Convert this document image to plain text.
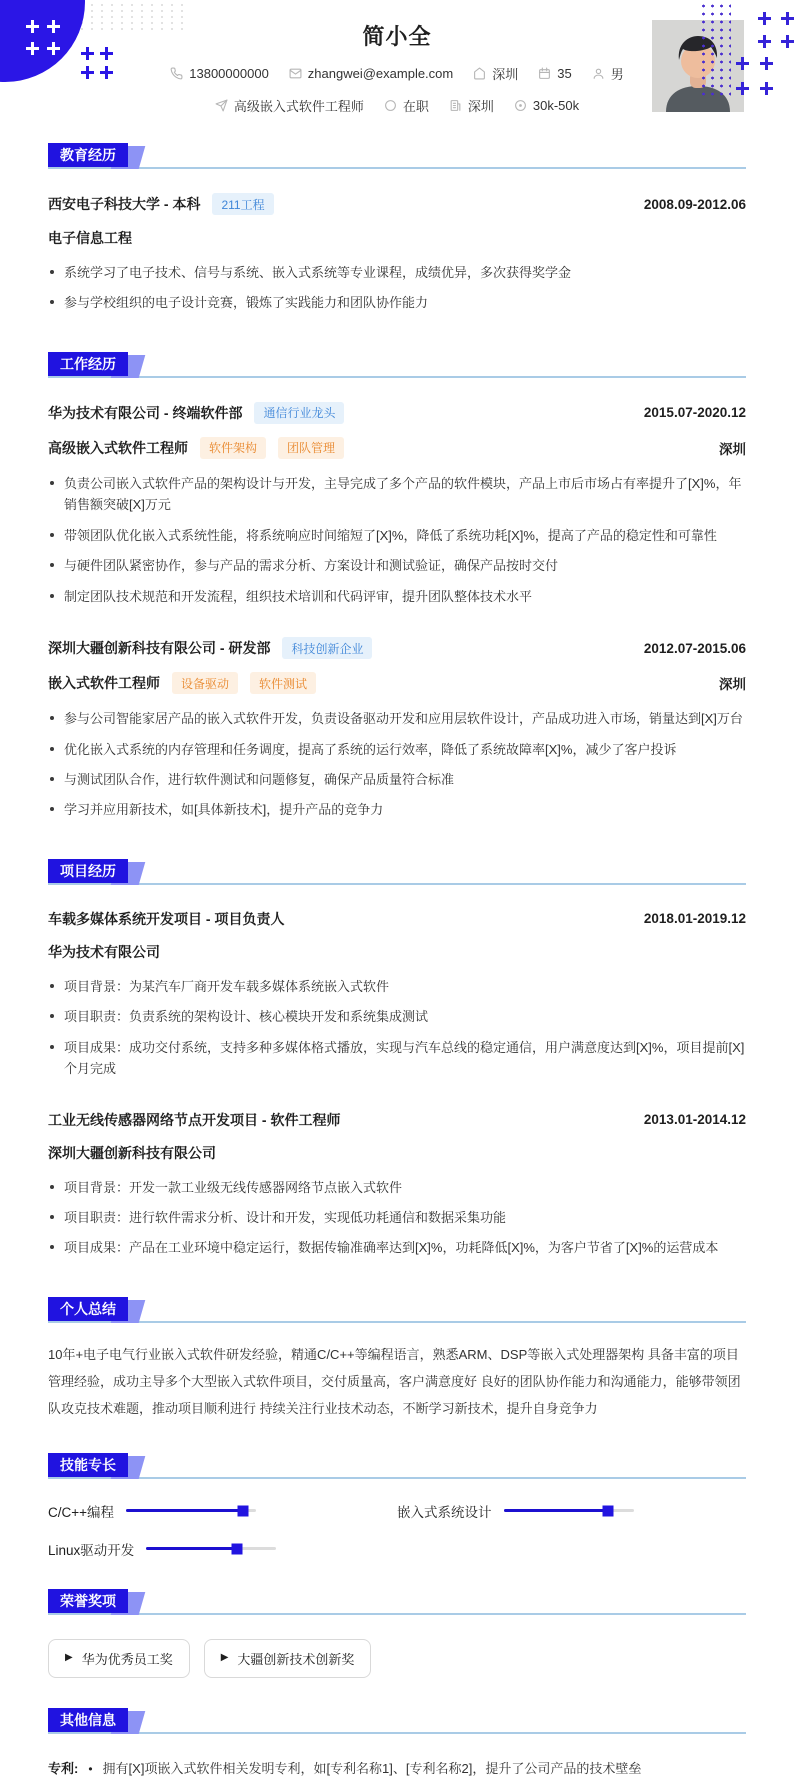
简小全
13800000000	zhangwei@example.com	深圳	35	男
高级嵌入式软件工程师	在职	深圳	30k-50k
教育经历
西安电子科技大学 - 本科	211工程	2008.09-2012.06
电子信息工程
系统学习了电子技术、信号与系统、嵌入式系统等专业课程，成绩优异，多次获得奖学金
参与学校组织的电子设计竞赛，锻炼了实践能力和团队协作能力
工作经历
华为技术有限公司 - 终端软件部	通信行业龙头	2015.07-2020.12
高级嵌入式软件工程师	软件架构	团队管理	深圳
负责公司嵌入式软件产品的架构设计与开发，主导完成了多个产品的软件模块，产品上市后市场占有率提升了[X]%，年销售额突破[X]万元
带领团队优化嵌入式系统性能，将系统响应时间缩短了[X]%，降低了系统功耗[X]%，提高了产品的稳定性和可靠性
与硬件团队紧密协作，参与产品的需求分析、方案设计和测试验证，确保产品按时交付
制定团队技术规范和开发流程，组织技术培训和代码评审，提升团队整体技术水平
深圳大疆创新科技有限公司 - 研发部	科技创新企业	2012.07-2015.06
嵌入式软件工程师	设备驱动	软件测试	深圳
参与公司智能家居产品的嵌入式软件开发，负责设备驱动开发和应用层软件设计，产品成功进入市场，销量达到[X]万台
优化嵌入式系统的内存管理和任务调度，提高了系统的运行效率，降低了系统故障率[X]%，减少了客户投诉
与测试团队合作，进行软件测试和问题修复，确保产品质量符合标准
学习并应用新技术，如[具体新技术]，提升产品的竞争力
项目经历
车载多媒体系统开发项目 - 项目负责人	2018.01-2019.12
华为技术有限公司
项目背景：为某汽车厂商开发车载多媒体系统嵌入式软件
项目职责：负责系统的架构设计、核心模块开发和系统集成测试
项目成果：成功交付系统，支持多种多媒体格式播放，实现与汽车总线的稳定通信，用户满意度达到[X]%，项目提前[X]个月完成
工业无线传感器网络节点开发项目 - 软件工程师	2013.01-2014.12
深圳大疆创新科技有限公司
项目背景：开发一款工业级无线传感器网络节点嵌入式软件
项目职责：进行软件需求分析、设计和开发，实现低功耗通信和数据采集功能
项目成果：产品在工业环境中稳定运行，数据传输准确率达到[X]%，功耗降低[X]%，为客户节省了[X]%的运营成本
个人总结
10年+电子电气行业嵌入式软件研发经验，精通C/C++等编程语言，熟悉ARM、DSP等嵌入式处理器架构 具备丰富的项目管理经验，成功主导多个大型嵌入式软件项目，交付质量高，客户满意度好 良好的团队协作能力和沟通能力，能够带领团队攻克技术难题，推动项目顺利进行 持续关注行业技术动态，不断学习新技术，提升自身竞争力
技能专长
C/C++编程	嵌入式系统设计
Linux驱动开发
荣誉奖项
▶ 华为优秀员工奖	▶ 大疆创新技术创新奖
其他信息
专利: • 拥有[X]项嵌入式软件相关发明专利，如[专利名称1]、[专利名称2]，提升了公司产品的技术壁垒
